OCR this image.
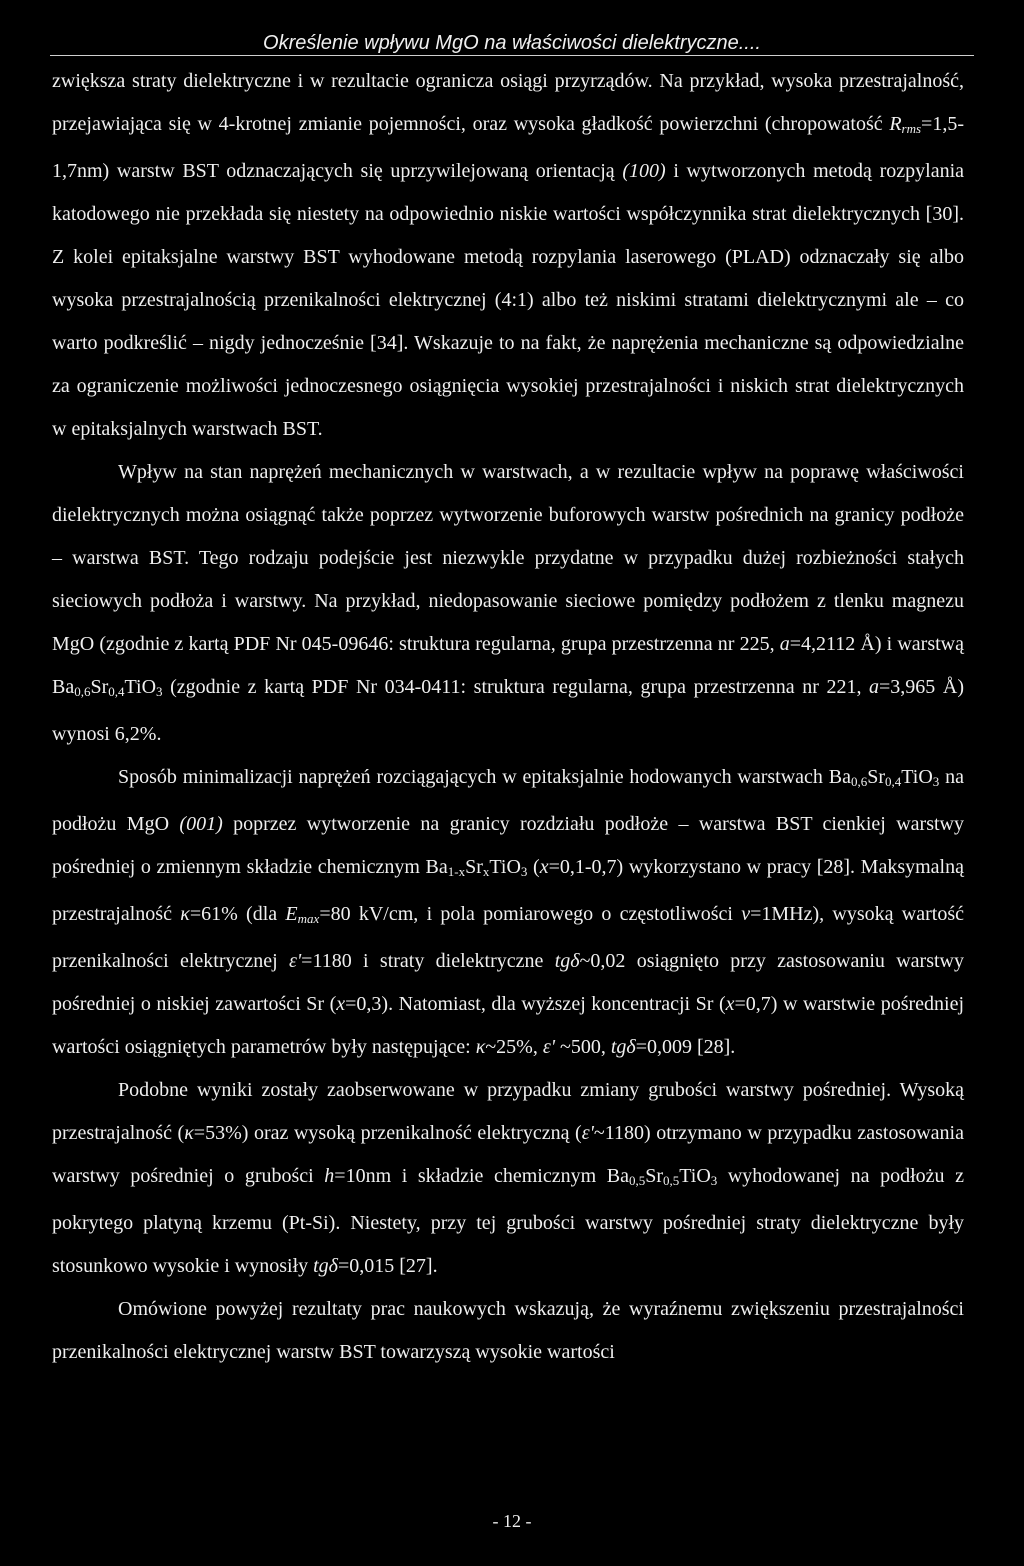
Określenie wpływu MgO na właściwości dielektryczne....

zwiększa straty dielektryczne i w rezultacie ogranicza osiągi przyrządów. Na przykład, wysoka przestrajalność, przejawiająca się w 4-krotnej zmianie pojemności, oraz wysoka gładkość powierzchni (chropowatość Rrms=1,5-1,7nm) warstw BST odznaczających się uprzywilejowaną orientacją (100) i wytworzonych metodą rozpylania katodowego nie przekłada się niestety na odpowiednio niskie wartości współczynnika strat dielektrycznych [30]. Z kolei epitaksjalne warstwy BST wyhodowane metodą rozpylania laserowego (PLAD) odznaczały się albo wysoka przestrajalnością przenikalności elektrycznej (4:1) albo też niskimi stratami dielektrycznymi ale – co warto podkreślić – nigdy jednocześnie [34]. Wskazuje to na fakt, że naprężenia mechaniczne są odpowiedzialne za ograniczenie możliwości jednoczesnego osiągnięcia wysokiej przestrajalności i niskich strat dielektrycznych w epitaksjalnych warstwach BST.

Wpływ na stan naprężeń mechanicznych w warstwach, a w rezultacie wpływ na poprawę właściwości dielektrycznych można osiągnąć także poprzez wytworzenie buforowych warstw pośrednich na granicy podłoże – warstwa BST. Tego rodzaju podejście jest niezwykle przydatne w przypadku dużej rozbieżności stałych sieciowych podłoża i warstwy. Na przykład, niedopasowanie sieciowe pomiędzy podłożem z tlenku magnezu MgO (zgodnie z kartą PDF Nr 045-09646: struktura regularna, grupa przestrzenna nr 225, a=4,2112 Å) i warstwą $Ba_{0,6}Sr_{0,4}TiO_3$ (zgodnie z kartą PDF Nr 034-0411: struktura regularna, grupa przestrzenna nr 221, a=3,965 Å) wynosi 6,2%.

Sposób minimalizacji naprężeń rozciągających w epitaksjalnie hodowanych warstwach $Ba_{0,6}Sr_{0,4}TiO_3$ na podłożu MgO (001) poprzez wytworzenie na granicy rozdziału podłoże – warstwa BST cienkiej warstwy pośredniej o zmiennym składzie chemicznym $Ba_{1-x}Sr_xTiO_3$ (x=0,1-0,7) wykorzystano w pracy [28]. Maksymalną przestrajalność κ=61% (dla Emax=80 kV/cm, i pola pomiarowego o częstotliwości ν=1MHz), wysoką wartość przenikalności elektrycznej ε'=1180 i straty dielektryczne tgδ~0,02 osiągnięto przy zastosowaniu warstwy pośredniej o niskiej zawartości Sr (x=0,3). Natomiast, dla wyższej koncentracji Sr (x=0,7) w warstwie pośredniej wartości osiągniętych parametrów były następujące: κ~25%, ε' ~500, tgδ=0,009 [28].

Podobne wyniki zostały zaobserwowane w przypadku zmiany grubości warstwy pośredniej. Wysoką przestrajalność (κ=53%) oraz wysoką przenikalność elektryczną (ε'~1180) otrzymano w przypadku zastosowania warstwy pośredniej o grubości h=10nm i składzie chemicznym $Ba_{0,5}Sr_{0,5}TiO_3$ wyhodowanej na podłożu z pokrytego platyną krzemu (Pt-Si). Niestety, przy tej grubości warstwy pośredniej straty dielektryczne były stosunkowo wysokie i wynosiły tgδ=0,015 [27].

Omówione powyżej rezultaty prac naukowych wskazują, że wyraźnemu zwiększeniu przestrajalności przenikalności elektrycznej warstw BST towarzyszą wysokie wartości

- 12 -
